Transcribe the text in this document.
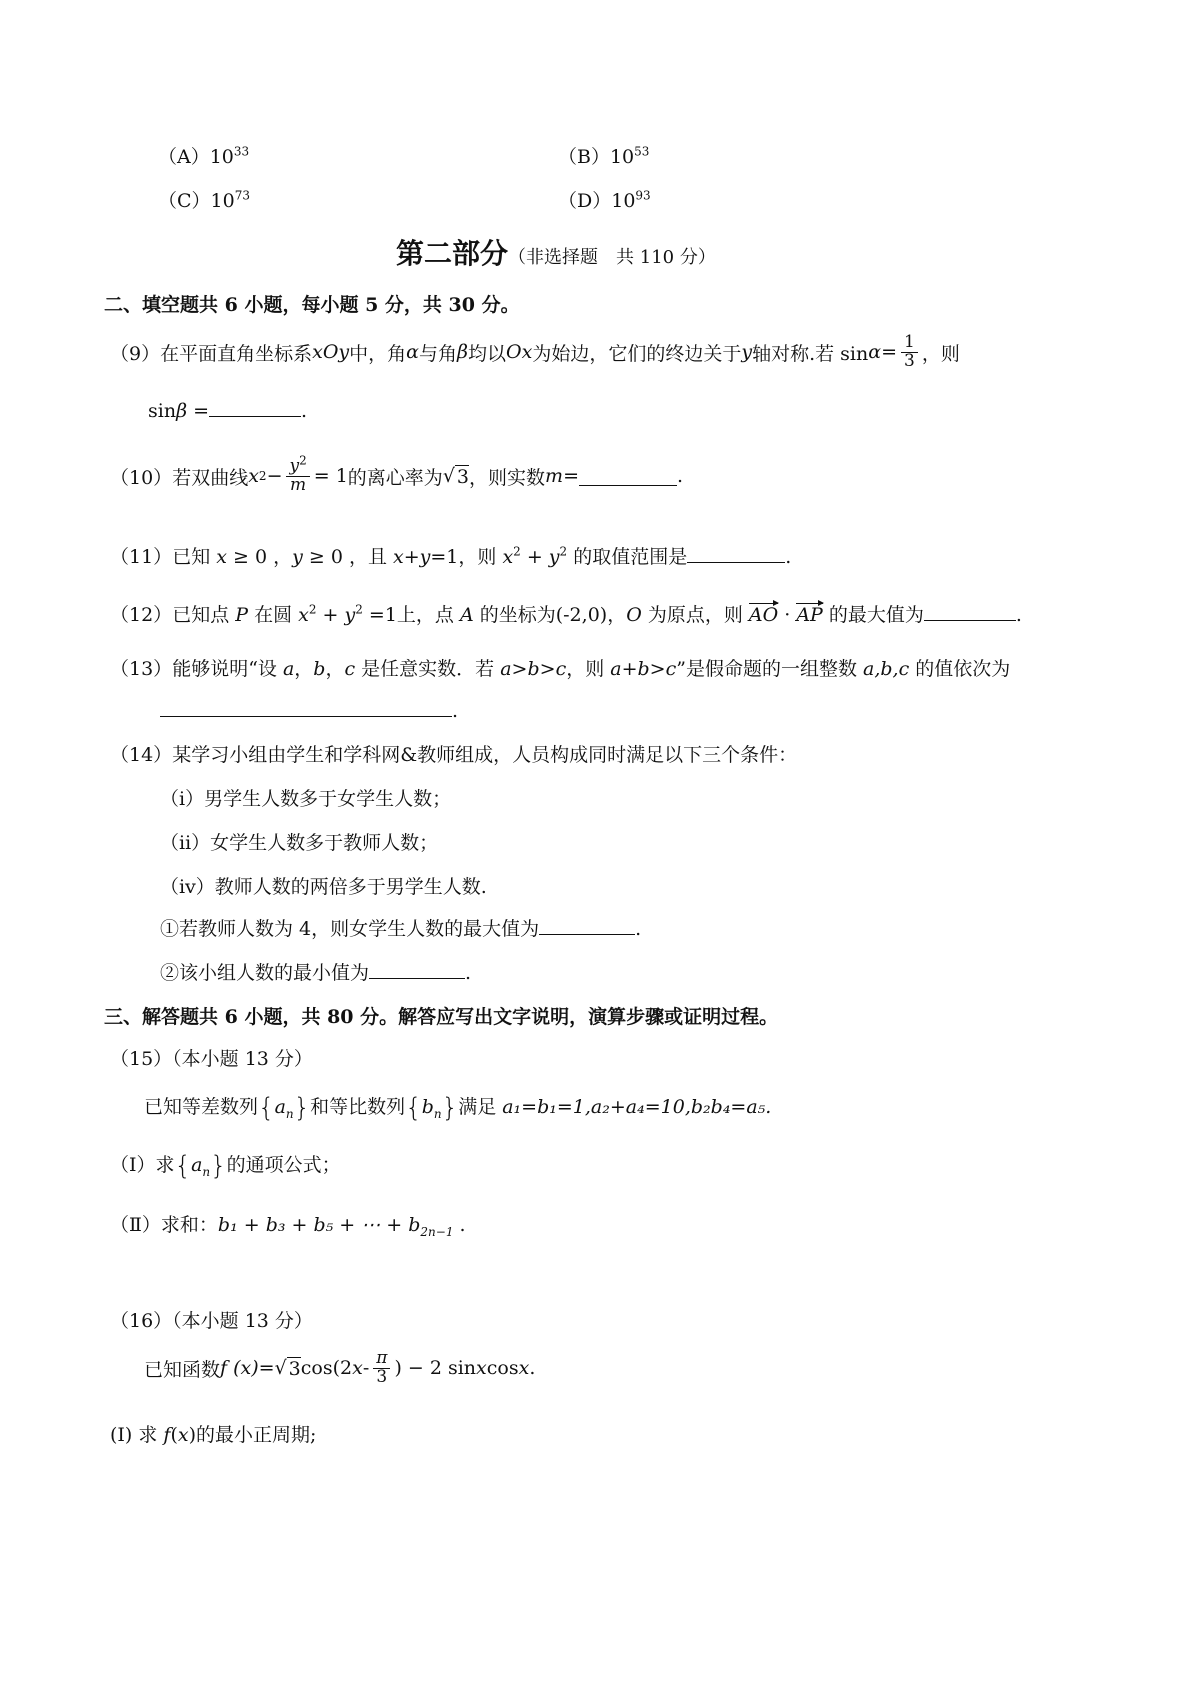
$(A)10^{33}$	$(B)10^{53}$
$(C)10^{73}$	$(D)10^{93}$
第二部分（非选择题　共 110 分）
二、填空题共 6 小题，每小题 5 分，共 30 分。
（9） 在平面直角坐标系 xOy 中，角 α 与角 β 均以 Ox 为始边，它们的终边关于 y 轴对称.若 $\sin \alpha = \frac{1}{3}$ ，则
sinβ =	.
（10） 若双曲线 x $2 - \frac{y^2}{m} = 1$ 的离心率为 √ 3 ，则实数 m =	.
（11）已知 x ≥ 0 ，y ≥ 0 ，且 x+y=1，则 $x^2 + y^2$ 的取值范围是	.
（12）已知点 P 在圆 $x^2 + y^2 =1$上，点 A 的坐标为(-2,0)，O 为原点，则 AO · AP 的最大值为	.
（13）能够说明“设 a，b，c 是任意实数．若 a>b>c，则 a+b>c”是假命题的一组整数 a,b,c 的值依次为
.
（14）某学习小组由学生和学科网&教师组成，人员构成同时满足以下三个条件：
（ⅰ）男学生人数多于女学生人数；
（ⅱ）女学生人数多于教师人数；
（ⅳ）教师人数的两倍多于男学生人数.
①若教师人数为 4，则女学生人数的最大值为	.
②该小组人数的最小值为	.
三、解答题共 6 小题，共 80 分。解答应写出文字说明，演算步骤或证明过程。
（15）（本小题 13 分）
已知等差数列$\{a_n\}$和等比数列$\{b_n\}$满足 a₁=b₁=1,a₂+a₄=10,b₂b₄=a₅.
（Ⅰ）求$\{a_n\}$的通项公式；
（Ⅱ）求和：b₁ + b₃ + b₅ + ⋯ + $b_{2n-1}$ .
（16）（本小题 13 分）
已知函数 f (x) = √ 3 cos(2 x - $\frac{\pi}{3}$ ) − 2 sin x cos x .
(Ⅰ) 求 f(x)的最小正周期;
